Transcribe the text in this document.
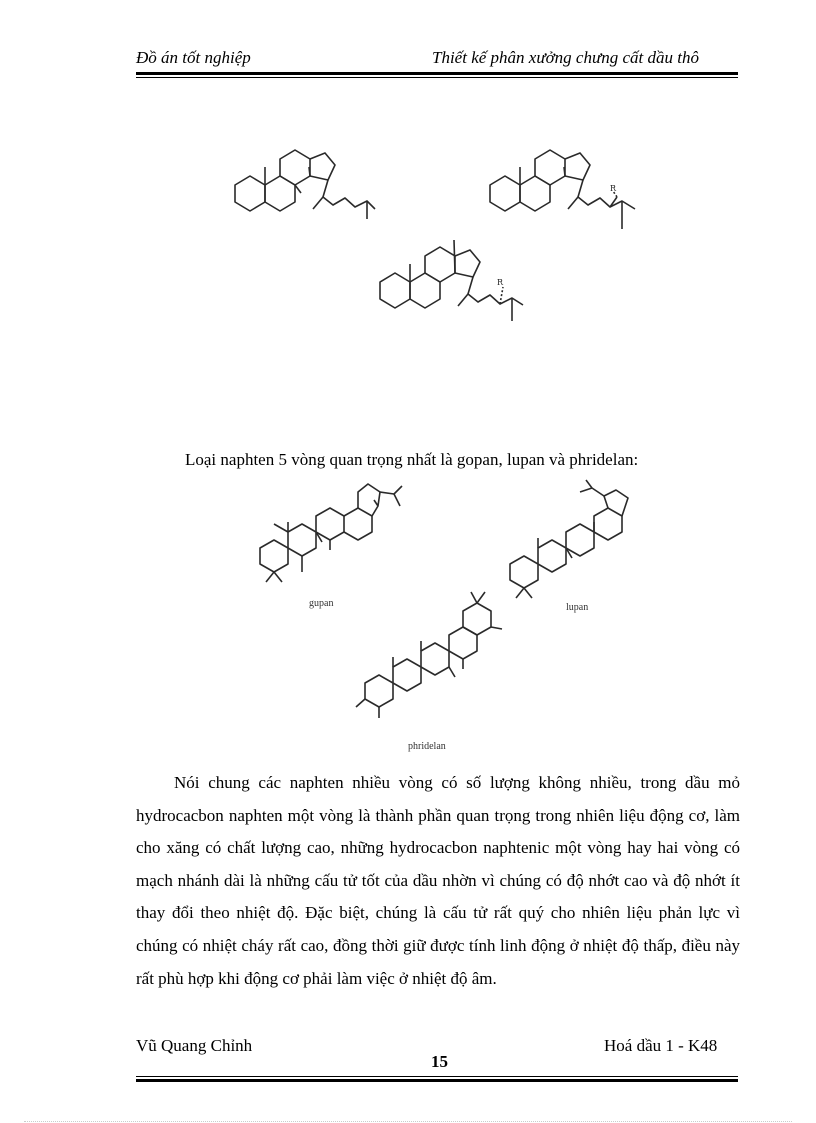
Đồ án tốt nghiệp	Thiết kế phân xưởng chưng cất dầu thô
R
R
Loại naphten 5 vòng quan trọng nhất là gopan, lupan và phridelan:
gupan	lupan
phridelan
Nói chung các naphten nhiều vòng có số lượng không nhiều, trong dầu mỏ hydrocacbon naphten một vòng là thành phần quan trọng trong nhiên liệu động cơ, làm cho xăng có chất lượng cao, những hydrocacbon naphtenic một vòng hay hai vòng có mạch nhánh dài là những cấu tử tốt của dầu nhờn vì chúng có độ nhớt cao và độ nhớt ít thay đổi theo nhiệt độ. Đặc biệt, chúng là cấu tử rất quý cho nhiên liệu phản lực vì chúng có nhiệt cháy rất cao, đồng thời giữ được tính linh động ở nhiệt độ thấp, điều này rất phù hợp khi động cơ phải làm việc ở nhiệt độ âm.
Vũ Quang Chỉnh	Hoá dầu 1 - K48
15
